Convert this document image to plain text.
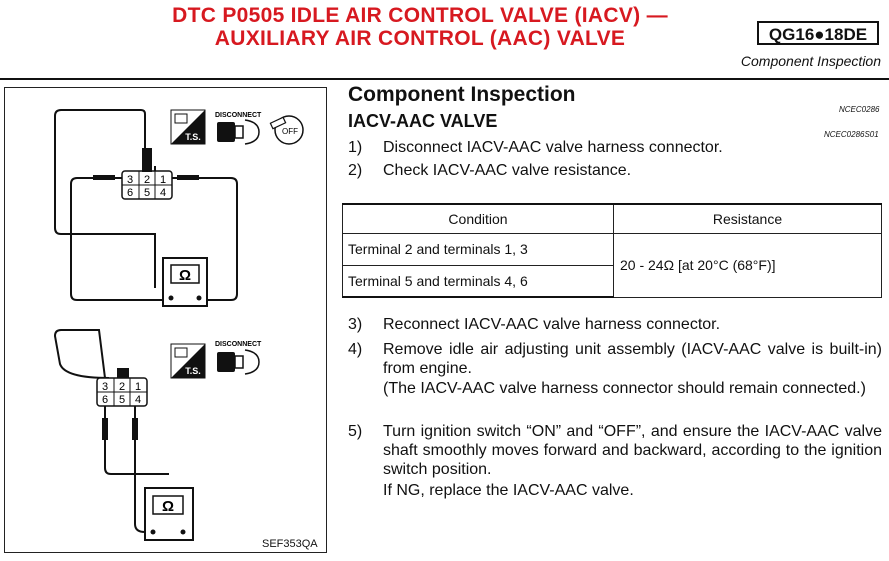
DTC P0505 IDLE AIR CONTROL VALVE (IACV) —
AUXILIARY AIR CONTROL (AAC) VALVE	QG16●18DE
Component Inspection
3 2 1
6 5 4
Ω
T.S.
DISCONNECT
OFF
3 2 1
6 5 4
Ω
T.S.
DISCONNECT
SEF353QA
Component Inspection
NCEC0286
IACV-AAC VALVE
NCEC0286S01
1) Disconnect IACV-AAC valve harness connector.
2) Check IACV-AAC valve resistance.
Condition	Resistance
Terminal 2 and terminals 1, 3	20 - 24Ω [at 20°C (68°F)]
Terminal 5 and terminals 4, 6	
3) Reconnect IACV-AAC valve harness connector.
4) Remove idle air adjusting unit assembly (IACV-AAC valve is built-in) from engine.
(The IACV-AAC valve harness connector should remain connected.)
5) Turn ignition switch “ON” and “OFF”, and ensure the IACV-AAC valve shaft smoothly moves forward and backward, according to the ignition switch position.
If NG, replace the IACV-AAC valve.
